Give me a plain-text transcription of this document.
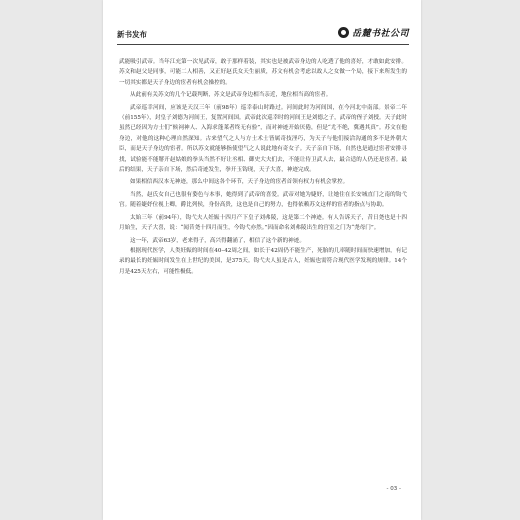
新书发布	岳麓书社公司

武能吸引武帝。当年江充第一次见武帝，敢于那样着装，其实也是被武帝身边的人吃透了他的喜好，才敢如此安排。苏文和赵父是同事，可能二人相善，又正好赵氏女天生丽质，苏文有机会考虑以故人之女做一个局，接下来所发生的一切其实都是天子身边的宦者有机会操控的。

从此前有关苏文的几个记载判断，苏文是武帝身边相当亲近，地位相当高的宦者。

武帝巡幸河间，应该是天汉三年（前98年）巡幸泰山时路过。河间此时为河间国，在今河北中南部。景帝二年（前155年），封皇子刘德为河间王，复置河间国。武帝此次巡幸时的河间王是刘德之子，武帝的侄子刘授。天子此时虽然已经因为方士们“候祠神人、入海求蓬莱者终无有验”，而对神迹开始厌倦，但是“尤不绝，冀遇其真”。苏文在他身边，对他的这种心理自然深知。古来望气之人与方士术士皆属奇技淫巧，为天子与他们接洽沟通的多不是外朝大臣，而是天子身边的宦者。所以苏文就能够指使望气之人说此地有奇女子。天子亲自下场，自然也是通过宦者安排寻找，试验能不能掰开赵姑娘的拳头当然不好让丞相、御史大夫们去，不能让侍卫武人去，最合适的人仍还是宦者。最后的结果，天子亲自下场，然后奇迹发生，拳开玉钩现，天子大喜，神迹完成。

如果相信西汉本无神迹，那么中间这各个环节，天子身边的宦者首领有权力有机会掌控。

当然，赵氏女自己也很有姿色与本事，她得到了武帝的喜爱。武帝对她为婕妤，让她住在长安城直门之南的钩弋宫。随着婕妤位视上卿，爵比列侯，身份高贵，这也是自己的努力，也得依赖苏文这样的宦者的指点与协助。

太始三年（前94年），钩弋夫人妊娠十四月产下皇子刘弗陵，这是第二个神迹。有人告诉天子，昔日尧也是十四月始生，天子大喜，说：“闻昔尧十四月而生，今钩弋亦然。”因而命名刘弗陵出生的宫室之门为“尧母门”。

这一年，武帝63岁，老来得子，高兴得翻涌了，相信了这个新的神迹。

根据现代医学，人类妊娠的时间在40–42周之间，如长于42周仍不能生产，死胎的几率随时间而快速增加，有记录的最长的妊娠时间发生在上世纪的美国，是375天。钩弋夫人虽是古人，妊娠也需符合现代医学发现的规律。14个月是425天左右，可能性极低。

- 03 -
